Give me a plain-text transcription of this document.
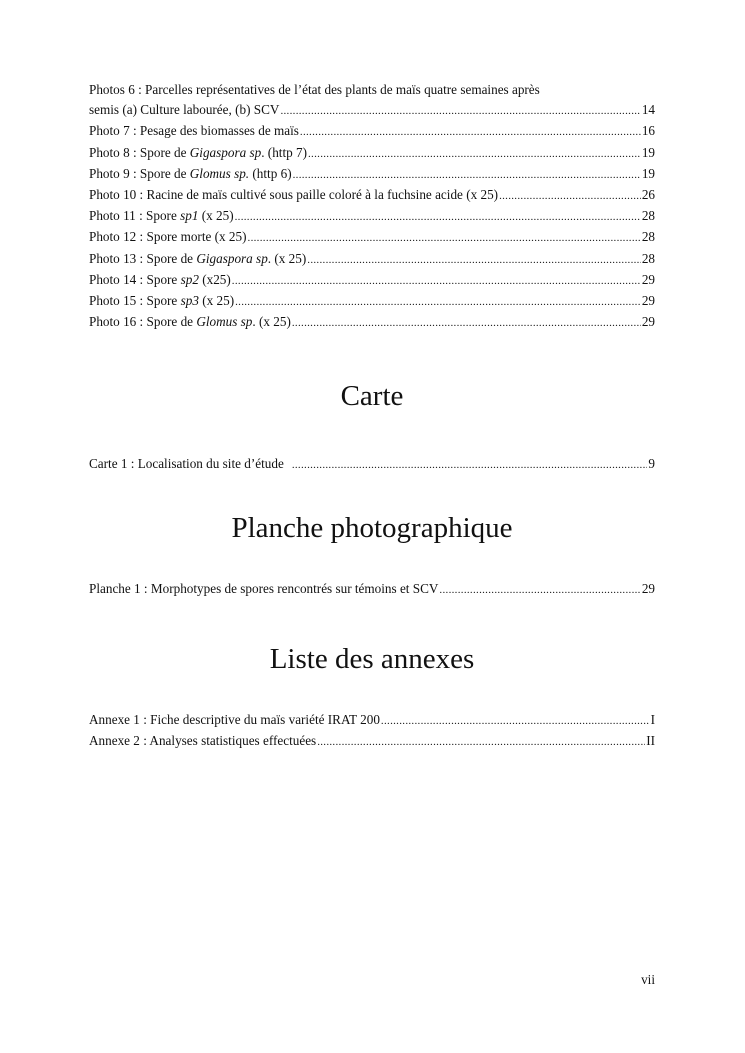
Photos 6 : Parcelles représentatives de l’état des plants de maïs quatre semaines après
semis (a) Culture labourée, (b) SCV .....	14
Photo 7 : Pesage des biomasses de maïs .....	16
Photo 8 : Spore de Gigaspora sp. (http 7) .....	19
Photo 9 : Spore de Glomus sp. (http 6) .....	19
Photo 10 : Racine de maïs cultivé sous paille coloré à la fuchsine acide (x 25) .....	26
Photo 11 : Spore sp1 (x 25) .....	28
Photo 12 : Spore morte (x 25) .....	28
Photo 13 : Spore de Gigaspora sp. (x 25) .....	28
Photo 14 : Spore sp2 (x25) .....	29
Photo 15 : Spore sp3 (x 25) .....	29
Photo 16 : Spore de Glomus sp. (x 25) .....	29
Carte
Carte 1 : Localisation du site d’étude .....	9
Planche photographique
Planche 1 : Morphotypes de spores rencontrés sur témoins et SCV .....	29
Liste des annexes
Annexe 1 : Fiche descriptive du maïs variété IRAT 200 .....	I
Annexe 2 : Analyses statistiques effectuées .....	II
vii
